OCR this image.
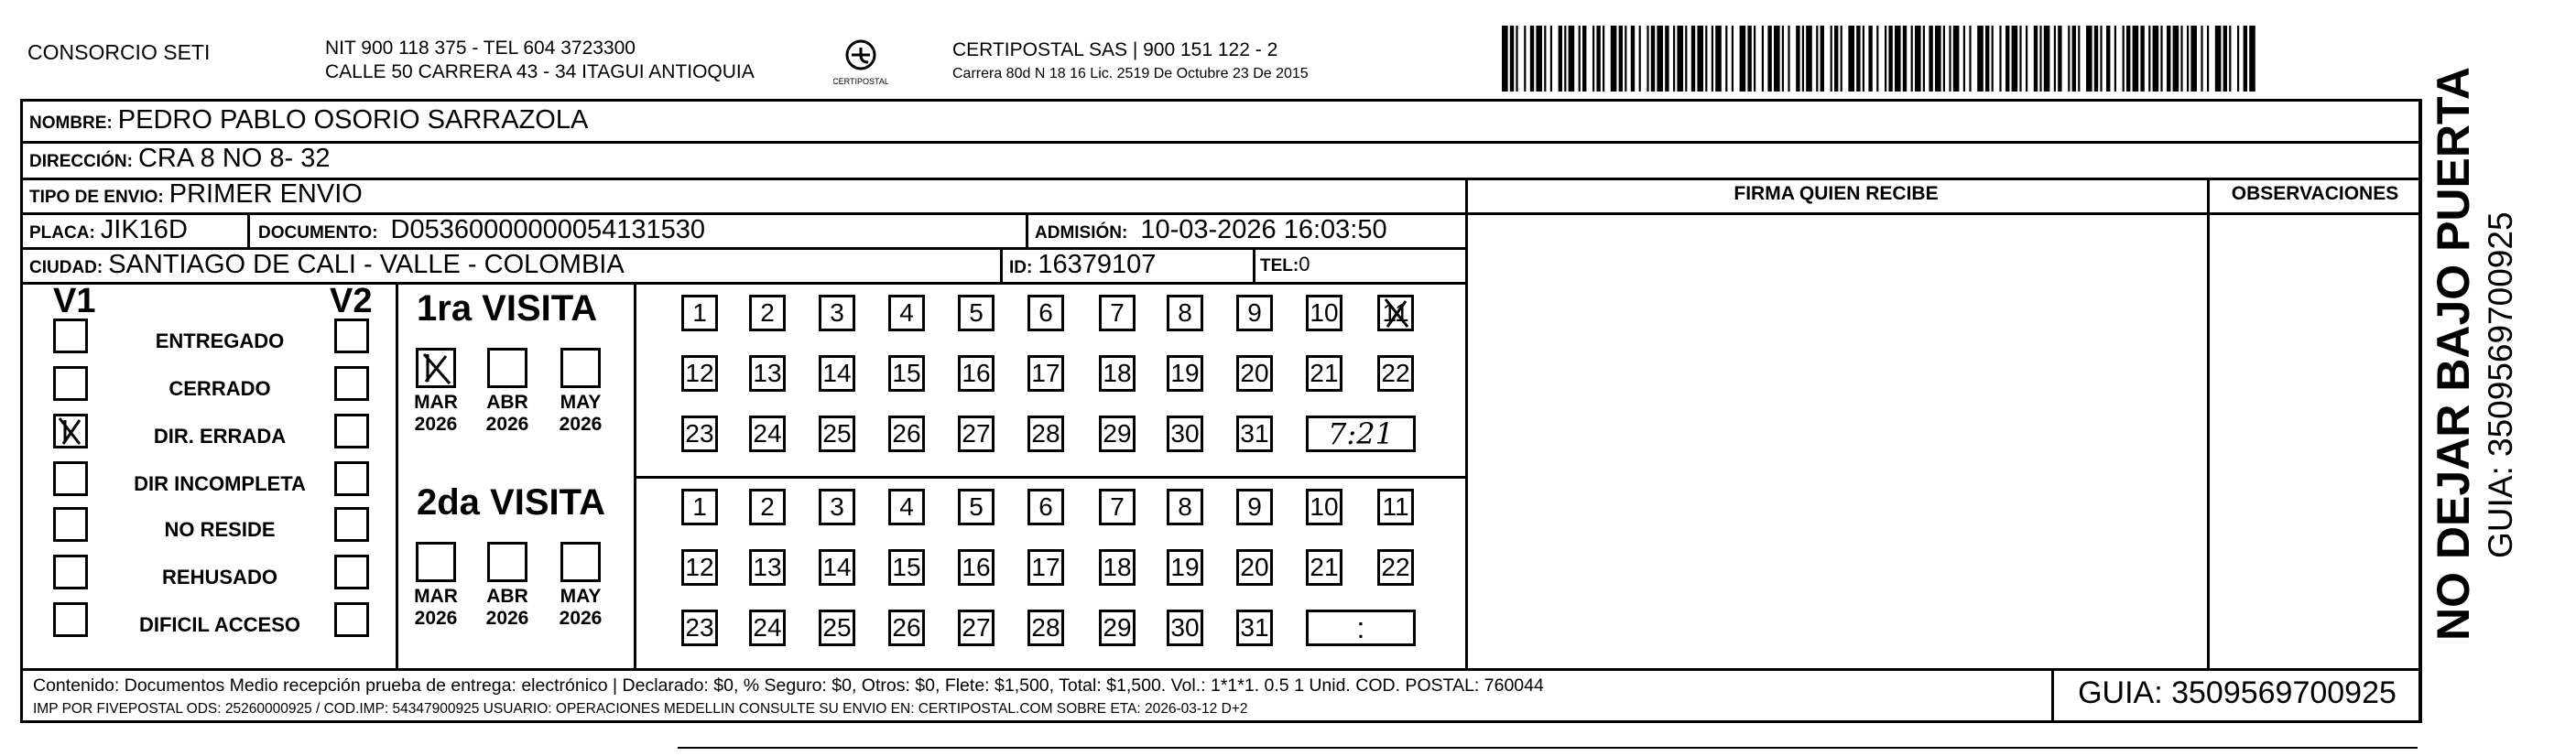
CONSORCIO SETI	NIT 900 118 375 - TEL 604 3723300
CALLE 50 CARRERA 43 - 34 ITAGUI ANTIOQUIA	CERTIPOSTAL
CERTIPOSTAL SAS | 900 151 122 - 2
Carrera 80d N 18 16 Lic. 2519 De Octubre 23 De 2015
NOMBRE: PEDRO PABLO OSORIO SARRAZOLA
DIRECCIÓN: CRA 8 NO 8- 32
TIPO DE ENVIO: PRIMER ENVIO	FIRMA QUIEN RECIBE	OBSERVACIONES
PLACA: JIK16D	DOCUMENTO: D05360000000054131530	ADMISIÓN: 10-03-2026 16:03:50
CIUDAD: SANTIAGO DE CALI - VALLE - COLOMBIA	ID: 16379107	TEL:0
V1	V2
ENTREGADO
CERRADO
DIR. ERRADA
DIR INCOMPLETA
NO RESIDE
REHUSADO
DIFICIL ACCESO
1ra VISITA
2da VISITA
MAR
2026
ABR
2026
MAY
2026
MAR
2026
ABR
2026
MAY
2026
1	2	3	4	5	6	7	8	9	10 11
12 13 14 15 16 17 18 19 20 21 22
23 24 25 26 27 28 29 30 31	7:21
1	2	3	4	5	6	7	8	9	10 11
12 13 14 15 16 17 18 19 20 21 22
23 24 25 26 27 28 29 30 31	:
Contenido: Documentos Medio recepción prueba de entrega: electrónico | Declarado: $0, % Seguro: $0, Otros: $0, Flete: $1,500, Total: $1,500. Vol.: 1*1*1. 0.5 1 Unid. COD. POSTAL: 760044
IMP POR FIVEPOSTAL ODS: 25260000925 / COD.IMP: 54347900925 USUARIO: OPERACIONES MEDELLIN CONSULTE SU ENVIO EN: CERTIPOSTAL.COM SOBRE ETA: 2026-03-12 D+2	GUIA: 3509569700925
NO DEJAR BAJO PUERTA GUIA: 3509569700925
